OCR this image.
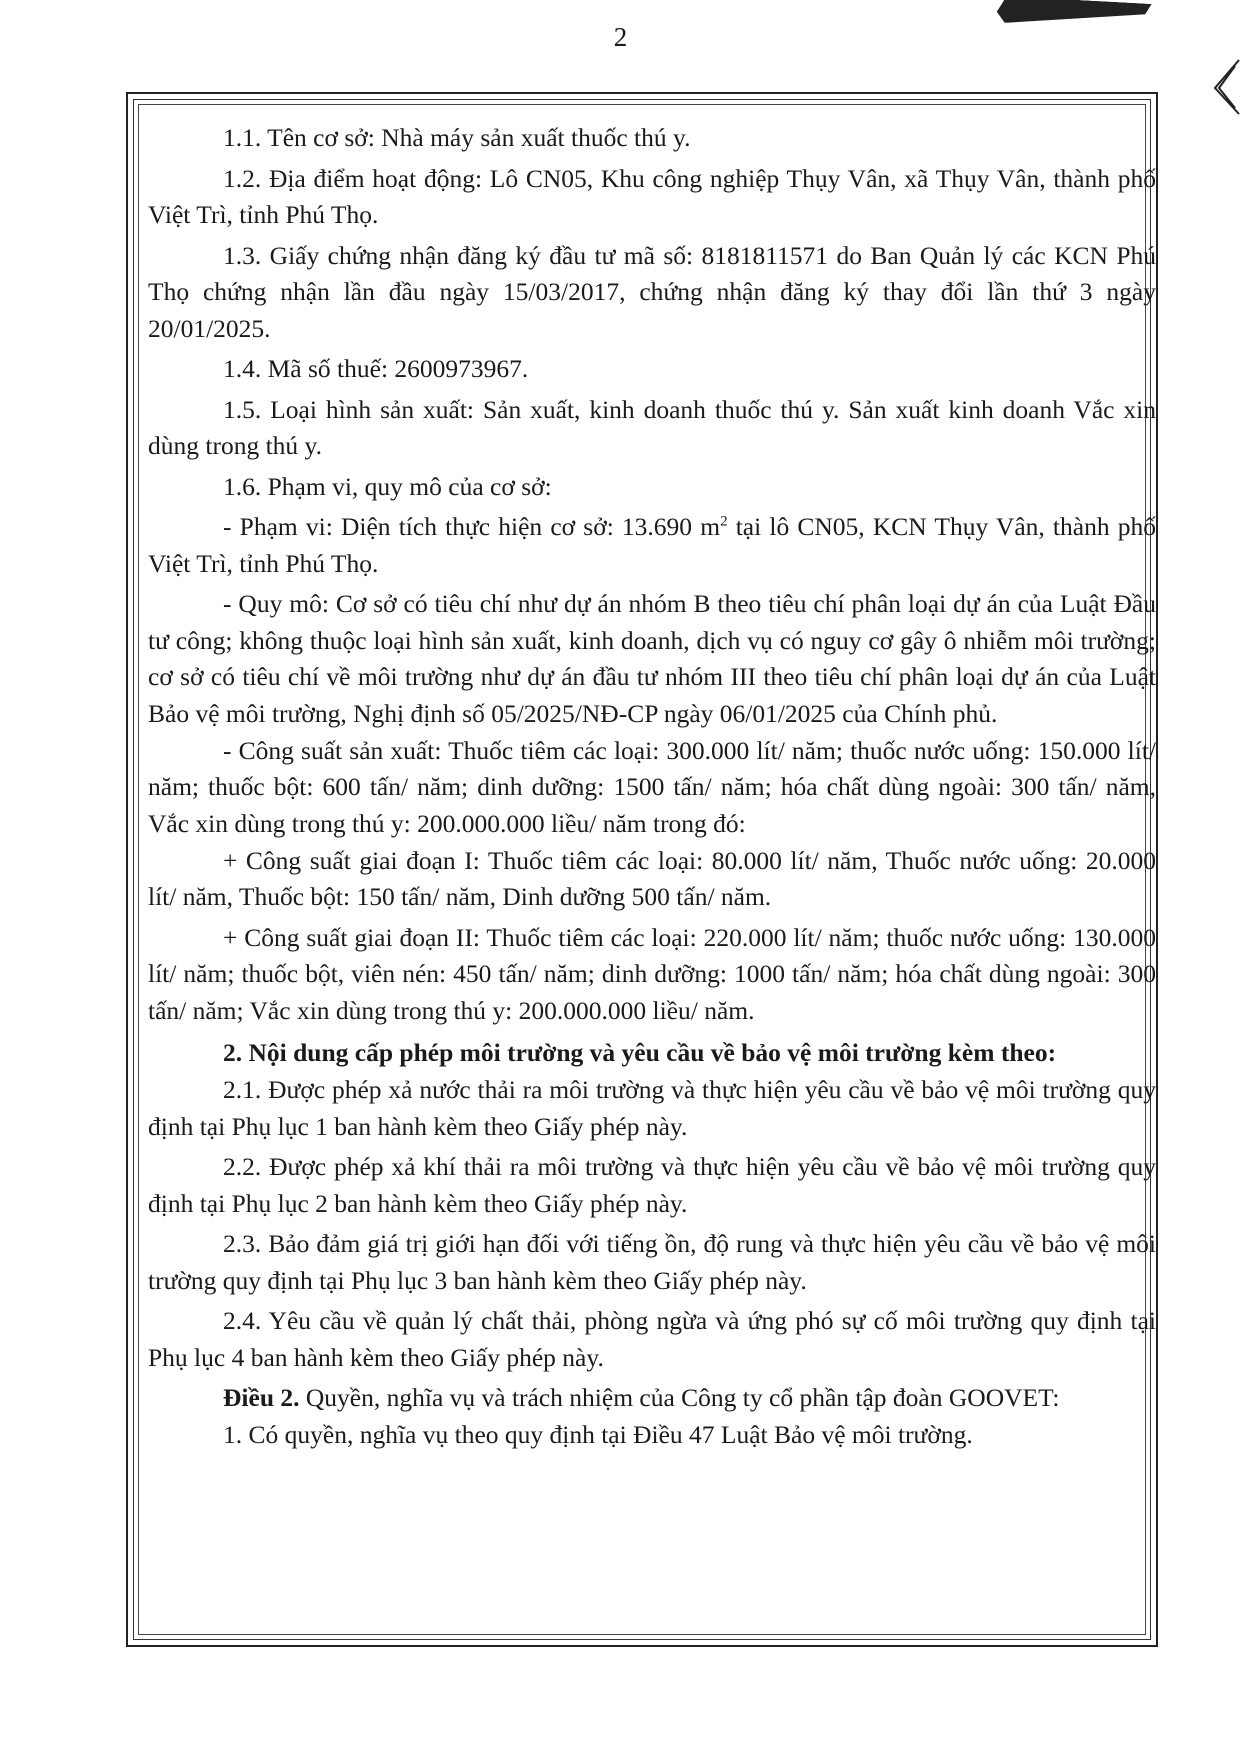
2

1.1. Tên cơ sở: Nhà máy sản xuất thuốc thú y.

1.2. Địa điểm hoạt động: Lô CN05, Khu công nghiệp Thụy Vân, xã Thụy Vân, thành phố Việt Trì, tỉnh Phú Thọ.

1.3. Giấy chứng nhận đăng ký đầu tư mã số: 8181811571 do Ban Quản lý các KCN Phú Thọ chứng nhận lần đầu ngày 15/03/2017, chứng nhận đăng ký thay đổi lần thứ 3 ngày 20/01/2025.

1.4. Mã số thuế: 2600973967.

1.5. Loại hình sản xuất: Sản xuất, kinh doanh thuốc thú y. Sản xuất kinh doanh Vắc xin dùng trong thú y.

1.6. Phạm vi, quy mô của cơ sở:

- Phạm vi: Diện tích thực hiện cơ sở: 13.690 $m^2$ tại lô CN05, KCN Thụy Vân, thành phố Việt Trì, tỉnh Phú Thọ.

- Quy mô: Cơ sở có tiêu chí như dự án nhóm B theo tiêu chí phân loại dự án của Luật Đầu tư công; không thuộc loại hình sản xuất, kinh doanh, dịch vụ có nguy cơ gây ô nhiễm môi trường; cơ sở có tiêu chí về môi trường như dự án đầu tư nhóm III theo tiêu chí phân loại dự án của Luật Bảo vệ môi trường, Nghị định số 05/2025/NĐ-CP ngày 06/01/2025 của Chính phủ.

- Công suất sản xuất: Thuốc tiêm các loại: 300.000 lít/ năm; thuốc nước uống: 150.000 lít/ năm; thuốc bột: 600 tấn/ năm; dinh dưỡng: 1500 tấn/ năm; hóa chất dùng ngoài: 300 tấn/ năm, Vắc xin dùng trong thú y: 200.000.000 liều/ năm trong đó:

+ Công suất giai đoạn I: Thuốc tiêm các loại: 80.000 lít/ năm, Thuốc nước uống: 20.000 lít/ năm, Thuốc bột: 150 tấn/ năm, Dinh dưỡng 500 tấn/ năm.

+ Công suất giai đoạn II: Thuốc tiêm các loại: 220.000 lít/ năm; thuốc nước uống: 130.000 lít/ năm; thuốc bột, viên nén: 450 tấn/ năm; dinh dưỡng: 1000 tấn/ năm; hóa chất dùng ngoài: 300 tấn/ năm; Vắc xin dùng trong thú y: 200.000.000 liều/ năm.

2. Nội dung cấp phép môi trường và yêu cầu về bảo vệ môi trường kèm theo:

2.1. Được phép xả nước thải ra môi trường và thực hiện yêu cầu về bảo vệ môi trường quy định tại Phụ lục 1 ban hành kèm theo Giấy phép này.

2.2. Được phép xả khí thải ra môi trường và thực hiện yêu cầu về bảo vệ môi trường quy định tại Phụ lục 2 ban hành kèm theo Giấy phép này.

2.3. Bảo đảm giá trị giới hạn đối với tiếng ồn, độ rung và thực hiện yêu cầu về bảo vệ môi trường quy định tại Phụ lục 3 ban hành kèm theo Giấy phép này.

2.4. Yêu cầu về quản lý chất thải, phòng ngừa và ứng phó sự cố môi trường quy định tại Phụ lục 4 ban hành kèm theo Giấy phép này.

Điều 2. Quyền, nghĩa vụ và trách nhiệm của Công ty cổ phần tập đoàn GOOVET:

1. Có quyền, nghĩa vụ theo quy định tại Điều 47 Luật Bảo vệ môi trường.
